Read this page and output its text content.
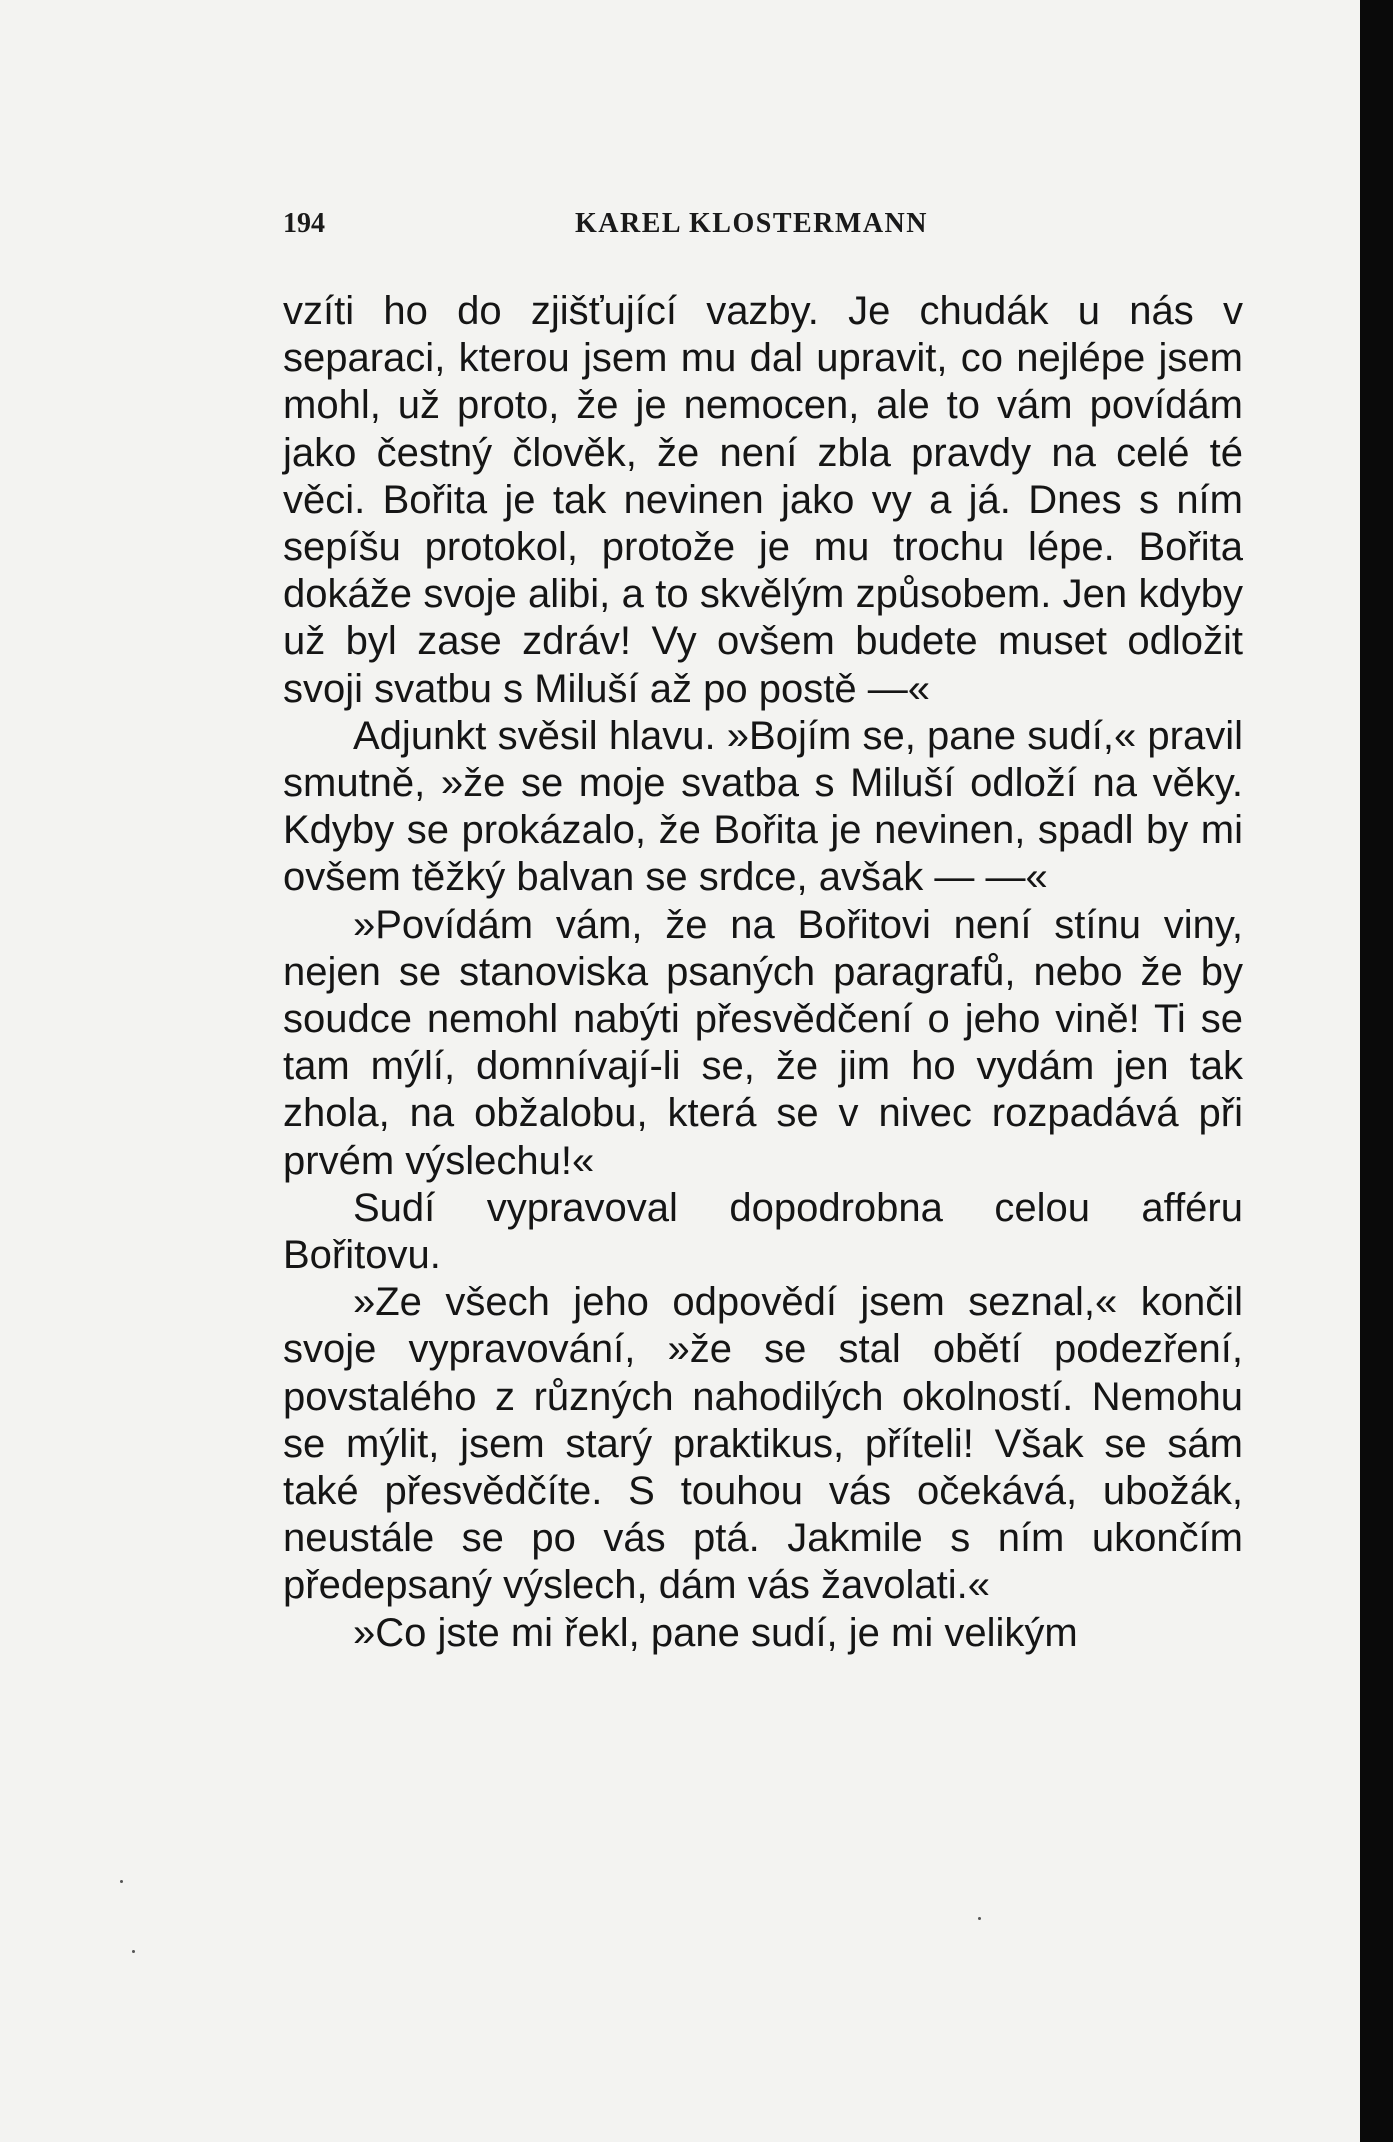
194	KAREL KLOSTERMANN

vzíti ho do zjišťující vazby. Je chudák u nás v separaci, kterou jsem mu dal upravit, co nejlépe jsem mohl, už proto, že je nemocen, ale to vám povídám jako čestný člověk, že není zbla pravdy na celé té věci. Bořita je tak nevinen jako vy a já. Dnes s ním sepíšu protokol, protože je mu trochu lépe. Bořita dokáže svoje alibi, a to skvělým způsobem. Jen kdyby už byl zase zdráv! Vy ovšem budete muset odložit svoji svatbu s Miluší až po postě —«

Adjunkt svěsil hlavu. »Bojím se, pane sudí,« pravil smutně, »že se moje svatba s Miluší odloží na věky. Kdyby se prokázalo, že Bořita je nevinen, spadl by mi ovšem těžký balvan se srdce, avšak — —«

»Povídám vám, že na Bořitovi není stínu viny, nejen se stanoviska psaných paragrafů, nebo že by soudce nemohl nabýti přesvědčení o jeho vině! Ti se tam mýlí, domnívají-li se, že jim ho vydám jen tak zhola, na obžalobu, která se v nivec rozpadává při prvém výslechu!«

Sudí vypravoval dopodrobna celou afféru Bořitovu.

»Ze všech jeho odpovědí jsem seznal,« končil svoje vypravování, »že se stal obětí podezření, povstalého z různých nahodilých okolností. Nemohu se mýlit, jsem starý praktikus, příteli! Však se sám také přesvědčíte. S touhou vás očekává, ubožák, neustále se po vás ptá. Jakmile s ním ukončím předepsaný výslech, dám vás žavolati.«

»Co jste mi řekl, pane sudí, je mi velikým
